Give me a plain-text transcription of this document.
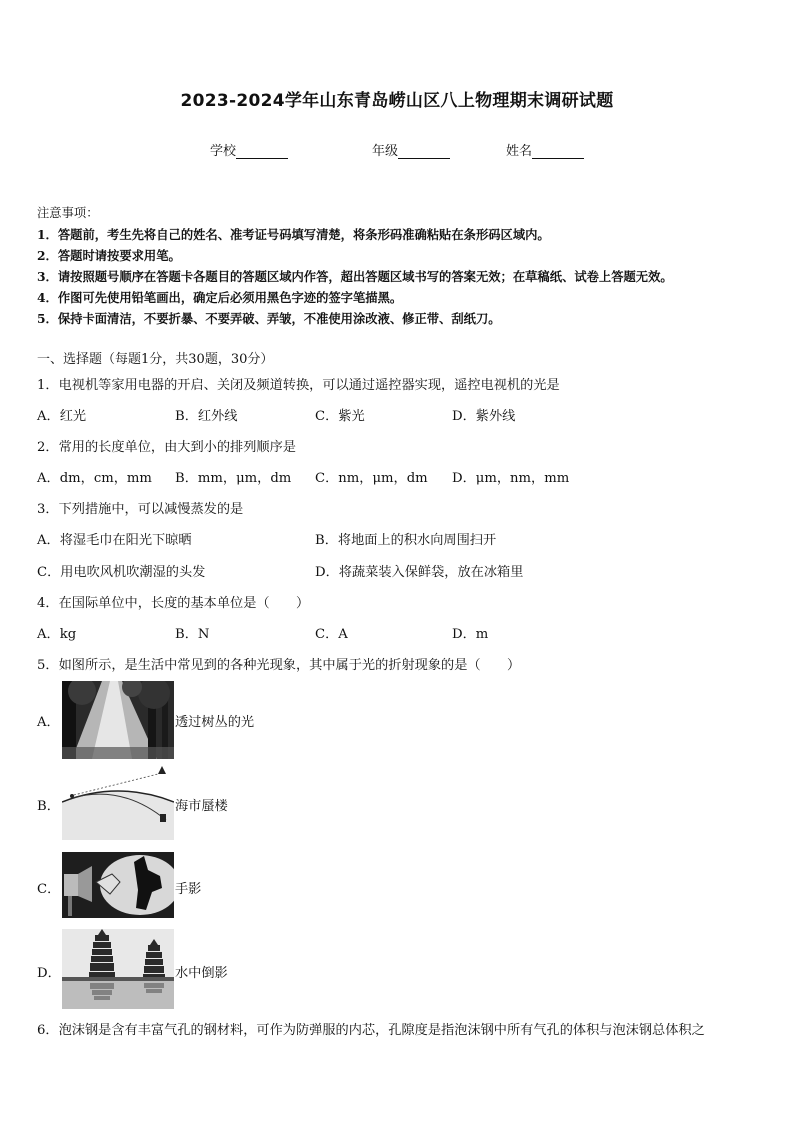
2023-2024学年山东青岛崂山区八上物理期末调研试题
学校	年级	姓名
注意事项：
1．答题前，考生先将自己的姓名、准考证号码填写清楚，将条形码准确粘贴在条形码区域内。
2．答题时请按要求用笔。
3．请按照题号顺序在答题卡各题目的答题区域内作答，超出答题区域书写的答案无效；在草稿纸、试卷上答题无效。
4．作图可先使用铅笔画出，确定后必须用黑色字迹的签字笔描黑。
5．保持卡面清洁，不要折暴、不要弄破、弄皱，不准使用涂改液、修正带、刮纸刀。
一、选择题（每题1分，共30题，30分）
1．电视机等家用电器的开启、关闭及频道转换，可以通过遥控器实现，遥控电视机的光是
A．红光	B．红外线	C．紫光	D．紫外线
2．常用的长度单位，由大到小的排列顺序是
A．dm，cm，mm B．mm，μm，dm C．nm，μm，dm D．μm，nm，mm
3．下列措施中，可以减慢蒸发的是
A．将湿毛巾在阳光下晾晒	B．将地面上的积水向周围扫开
C．用电吹风机吹潮湿的头发	D．将蔬菜装入保鲜袋，放在冰箱里
4．在国际单位中，长度的基本单位是（　　）
A．kg	B．N	C．A	D．m
5．如图所示，是生活中常见到的各种光现象，其中属于光的折射现象的是（　　）
A．	透过树丛的光
B．	海市蜃楼
C．	手影
D．	水中倒影
6．泡沫钢是含有丰富气孔的钢材料，可作为防弹服的内芯，孔隙度是指泡沫钢中所有气孔的体积与泡沫钢总体积之
